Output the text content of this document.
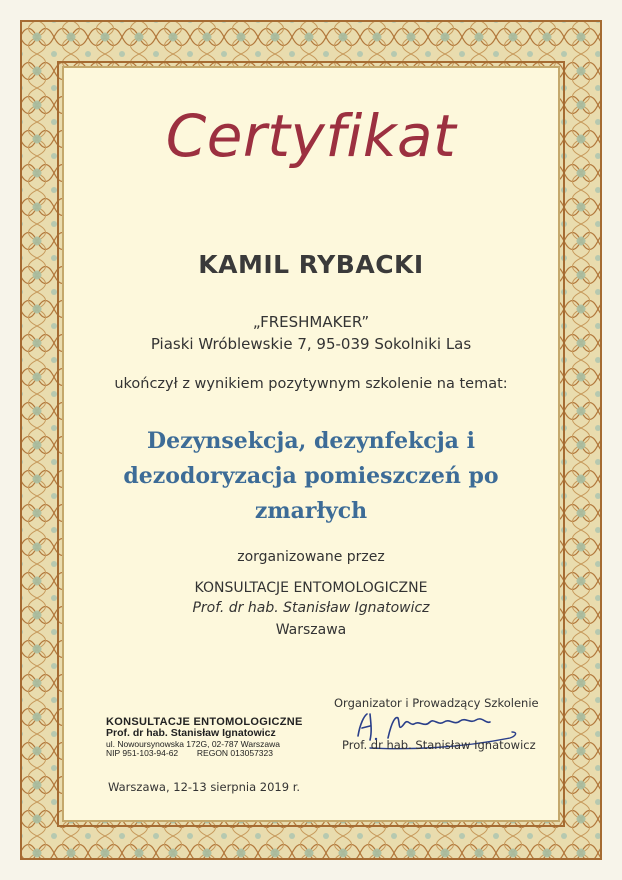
Certyfikat
KAMIL RYBACKI
„FRESHMAKER”
Piaski Wróblewskie 7, 95-039 Sokolniki Las
ukończył z wynikiem pozytywnym szkolenie na temat:
Dezynsekcja, dezynfekcja i
dezodoryzacja pomieszczeń po
zmarłych
zorganizowane przez
KONSULTACJE ENTOMOLOGICZNE
Prof. dr hab. Stanisław Ignatowicz
Warszawa
KONSULTACJE ENTOMOLOGICZNE
Prof. dr hab. Stanisław Ignatowicz
ul. Nowoursynowska 172G, 02-787 Warszawa
NIP 951-103-94-62 REGON 013057323
Organizator i Prowadzący Szkolenie
Prof. dr hab. Stanisław Ignatowicz
Warszawa, 12-13 sierpnia 2019 r.
